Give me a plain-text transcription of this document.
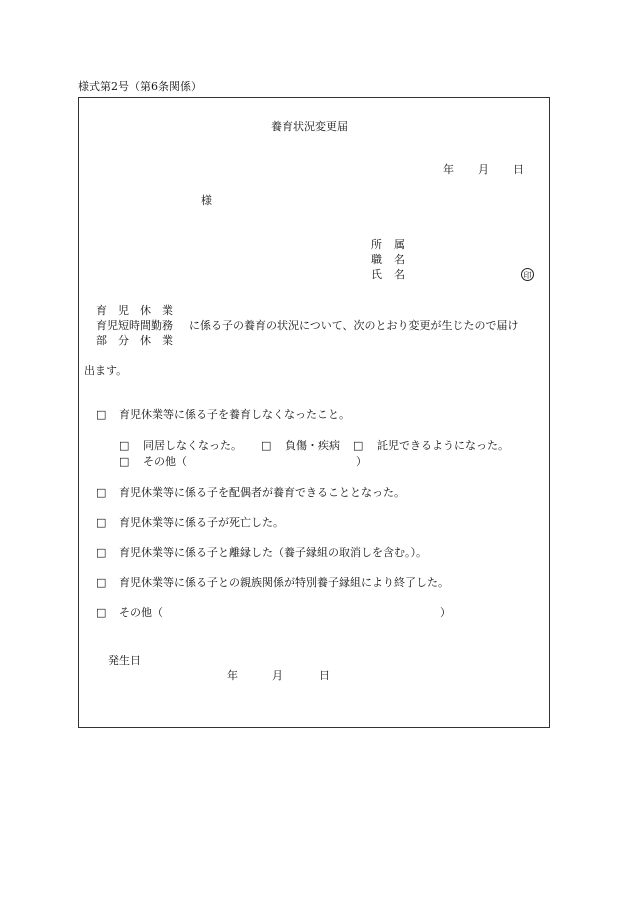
様式第2号（第6条関係）
養育状況変更届
年 月 日
様
所 属
職 名
氏 名	印
育　児　休　業
育児短時間勤務
部　分　休　業
に係る子の養育の状況について、次のとおり変更が生じたので届け
出ます。
□ 育児休業等に係る子を養育しなくなったこと。
□ 同居しなくなった。 □ 負傷・疾病 □ 託児できるようになった。
□ その他（	）
□ 育児休業等に係る子を配偶者が養育できることとなった。
□ 育児休業等に係る子が死亡した。
□ 育児休業等に係る子と離縁した（養子縁組の取消しを含む。）。
□ 育児休業等に係る子との親族関係が特別養子縁組により終了した。
□ その他（	）
発生日
年	月	日
